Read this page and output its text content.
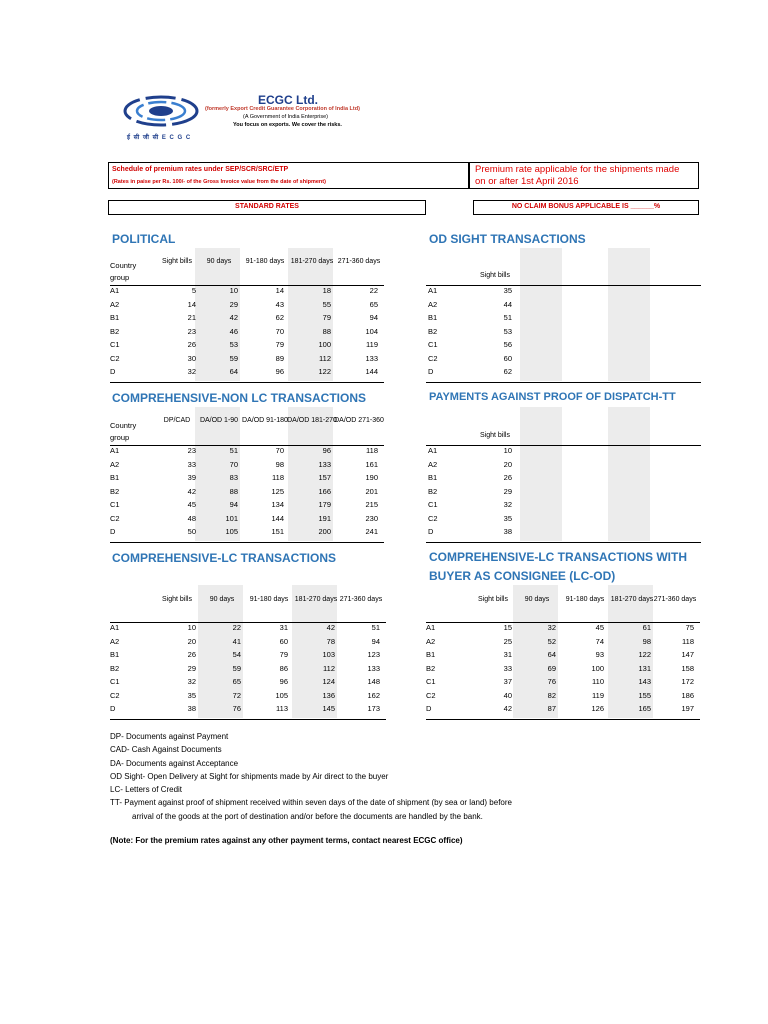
ई सी जी सी E C G C
ECGC Ltd.
(formerly Export Credit Guarantee Corporation of India Ltd)
(A Government of India Enterprise)
You focus on exports. We cover the risks.
Schedule of premium rates under SEP/SCR/SRC/ETP
(Rates in paise per Rs. 100/- of the Gross Invoice value from the date of shipment)
Premium rate applicable for the shipments made on or after 1st April 2016
STANDARD RATES	NO CLAIM BONUS APPLICABLE IS ______%
POLITICAL	OD SIGHT TRANSACTIONS
COMPREHENSIVE-NON LC TRANSACTIONS	PAYMENTS AGAINST PROOF OF DISPATCH-TT
COMPREHENSIVE-LC TRANSACTIONS	COMPREHENSIVE-LC TRANSACTIONS WITH
BUYER AS CONSIGNEE (LC-OD)
Country group
Sight bills	90 days	91-180 days 181-270 days 271-360 days
A1	5	10	14	18	22
A2	14	29	43	55	65
B1	21	42	62	79	94
B2	23	46	70	88	104
C1	26	53	79	100	119
C2	30	59	89	112	133
D	32	64	96	122	144
Sight bills
A1	35
A2	44
B1	51
B2	53
C1	56
C2	60
D	62
Country group
DP/CAD	DA/OD 1-90 DA/OD 91-180 DA/OD 181-270
DA/OD 271-360
A1	23	51	70	96	118
A2	33	70	98	133	161
B1	39	83	118	157	190
B2	42	88	125	166	201
C1	45	94	134	179	215
C2	48	101	144	191	230
D	50	105	151	200	241
Sight bills
A1	10
A2	20
B1	26
B2	29
C1	32
C2	35
D	38
Sight bills	90 days	91-180 days 181-270 days 271-360 days
A1	10	22	31	42	51
A2	20	41	60	78	94
B1	26	54	79	103	123
B2	29	59	86	112	133
C1	32	65	96	124	148
C2	35	72	105	136	162
D	38	76	113	145	173
Sight bills	90 days	91-180 days 181-270 days 271-360 days
A1	15	32	45	61	75
A2	25	52	74	98	118
B1	31	64	93	122	147
B2	33	69	100	131	158
C1	37	76	110	143	172
C2	40	82	119	155	186
D	42	87	126	165	197
DP- Documents against Payment
CAD- Cash Against Documents
DA- Documents against Acceptance
OD Sight- Open Delivery at Sight for shipments made by Air direct to the buyer
LC- Letters of Credit
TT- Payment against proof of shipment received within seven days of the date of shipment (by sea or land) before
arrival of the goods at the port of destination and/or before the documents are handled by the bank.
(Note: For the premium rates against any other payment terms, contact nearest ECGC office)
